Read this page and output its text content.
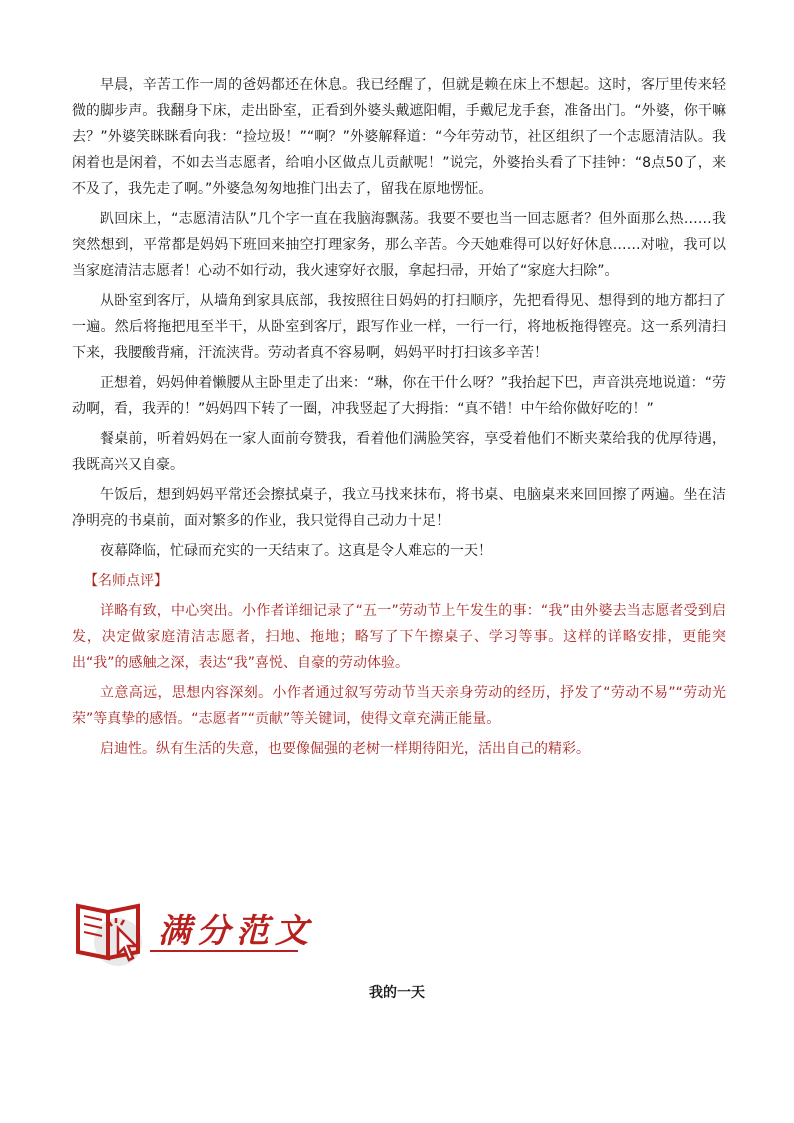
早晨，辛苦工作一周的爸妈都还在休息。我已经醒了，但就是赖在床上不想起。这时，客厅里传来轻微的脚步声。我翻身下床，走出卧室，正看到外婆头戴遮阳帽，手戴尼龙手套，准备出门。“外婆，你干嘛去？”外婆笑眯眯看向我：“捡垃圾！”“啊？”外婆解释道：“今年劳动节，社区组织了一个志愿清洁队。我闲着也是闲着，不如去当志愿者，给咱小区做点儿贡献呢！”说完，外婆抬头看了下挂钟：“8点50了，来不及了，我先走了啊。”外婆急匆匆地推门出去了，留我在原地愣怔。

趴回床上，“志愿清洁队”几个字一直在我脑海飘荡。我要不要也当一回志愿者？但外面那么热……我突然想到，平常都是妈妈下班回来抽空打理家务，那么辛苦。今天她难得可以好好休息……对啦，我可以当家庭清洁志愿者！心动不如行动，我火速穿好衣服，拿起扫帚，开始了“家庭大扫除”。

从卧室到客厅，从墙角到家具底部，我按照往日妈妈的打扫顺序，先把看得见、想得到的地方都扫了一遍。然后将拖把甩至半干，从卧室到客厅，跟写作业一样，一行一行，将地板拖得铿亮。这一系列清扫下来，我腰酸背痛，汗流浃背。劳动者真不容易啊，妈妈平时打扫该多辛苦！

正想着，妈妈伸着懒腰从主卧里走了出来：“琳，你在干什么呀？”我抬起下巴，声音洪亮地说道：“劳动啊，看，我弄的！”妈妈四下转了一圈，冲我竖起了大拇指：“真不错！中午给你做好吃的！”

餐桌前，听着妈妈在一家人面前夸赞我，看着他们满脸笑容，享受着他们不断夹菜给我的优厚待遇，我既高兴又自豪。

午饭后，想到妈妈平常还会擦拭桌子，我立马找来抹布，将书桌、电脑桌来来回回擦了两遍。坐在洁净明亮的书桌前，面对繁多的作业，我只觉得自己动力十足！

夜幕降临，忙碌而充实的一天结束了。这真是令人难忘的一天！

【名师点评】

详略有致，中心突出。小作者详细记录了“五一”劳动节上午发生的事：“我”由外婆去当志愿者受到启发，决定做家庭清洁志愿者，扫地、拖地；略写了下午擦桌子、学习等事。这样的详略安排，更能突出“我”的感触之深，表达“我”喜悦、自豪的劳动体验。

立意高远，思想内容深刻。小作者通过叙写劳动节当天亲身劳动的经历，抒发了“劳动不易”“劳动光荣”等真挚的感悟。“志愿者”“贡献”等关键词，使得文章充满正能量。

启迪性。纵有生活的失意，也要像倔强的老树一样期待阳光，活出自己的精彩。

满分范文
我的一天
